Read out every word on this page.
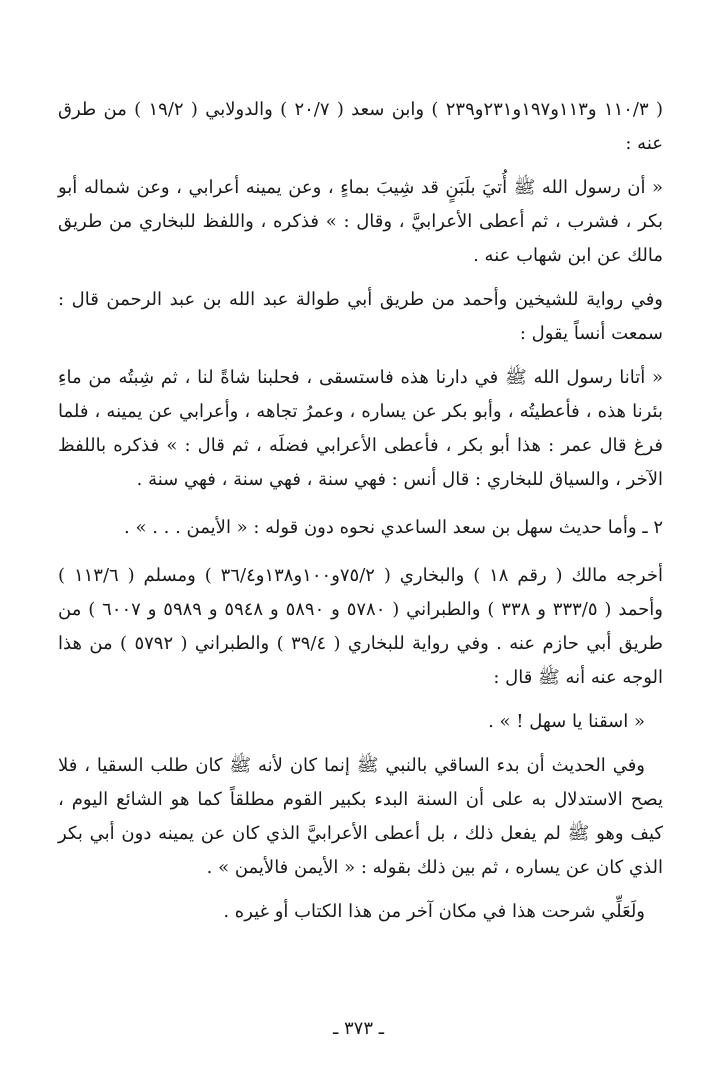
( ١١٠/٣ و١١٣و١٩٧و٢٣١و٢٣٩ ) وابن سعد ( ٢٠/٧ ) والدولابي ( ١٩/٢ ) من طرق عنه :

« أن رسول الله ﷺ أُتيَ بلَبَنٍ قد شِيبَ بماءٍ ، وعن يمينه أعرابي ، وعن شماله أبو بكر ، فشرب ، ثم أعطى الأعرابيَّ ، وقال : » فذكره ، واللفظ للبخاري من طريق مالك عن ابن شهاب عنه .

وفي رواية للشيخين وأحمد من طريق أبي طوالة عبد الله بن عبد الرحمن قال : سمعت أنساً يقول :

« أتانا رسول الله ﷺ في دارنا هذه فاستسقى ، فحلبنا شاةً لنا ، ثم شِبتُه من ماءِ بئرنا هذه ، فأعطيتُه ، وأبو بكر عن يساره ، وعمرُ تجاهه ، وأعرابي عن يمينه ، فلما فرغ قال عمر : هذا أبو بكر ، فأعطى الأعرابي فضلَه ، ثم قال : » فذكره باللفظ الآخر ، والسياق للبخاري : قال أنس : فهي سنة ، فهي سنة ، فهي سنة .

٢ ـ وأما حديث سهل بن سعد الساعدي نحوه دون قوله : « الأيمن . . . » .

أخرجه مالك ( رقم ١٨ ) والبخاري ( ٧٥/٢و١٠٠و١٣٨و٣٦/٤ ) ومسلم ( ١١٣/٦ ) وأحمد ( ٣٣٣/٥ و ٣٣٨ ) والطبراني ( ٥٧٨٠ و ٥٨٩٠ و ٥٩٤٨ و ٥٩٨٩ و ٦٠٠٧ ) من طريق أبي حازم عنه . وفي رواية للبخاري ( ٣٩/٤ ) والطبراني ( ٥٧٩٢ ) من هذا الوجه عنه أنه ﷺ قال :

« اسقنا يا سهل ! » .

وفي الحديث أن بدء الساقي بالنبي ﷺ إنما كان لأنه ﷺ كان طلب السقيا ، فلا يصح الاستدلال به على أن السنة البدء بكبير القوم مطلقاً كما هو الشائع اليوم ، كيف وهو ﷺ لم يفعل ذلك ، بل أعطى الأعرابيَّ الذي كان عن يمينه دون أبي بكر الذي كان عن يساره ، ثم بين ذلك بقوله : « الأيمن فالأيمن » .

ولَعَلِّي شرحت هذا في مكان آخر من هذا الكتاب أو غيره .

ـ ٣٧٣ ـ
